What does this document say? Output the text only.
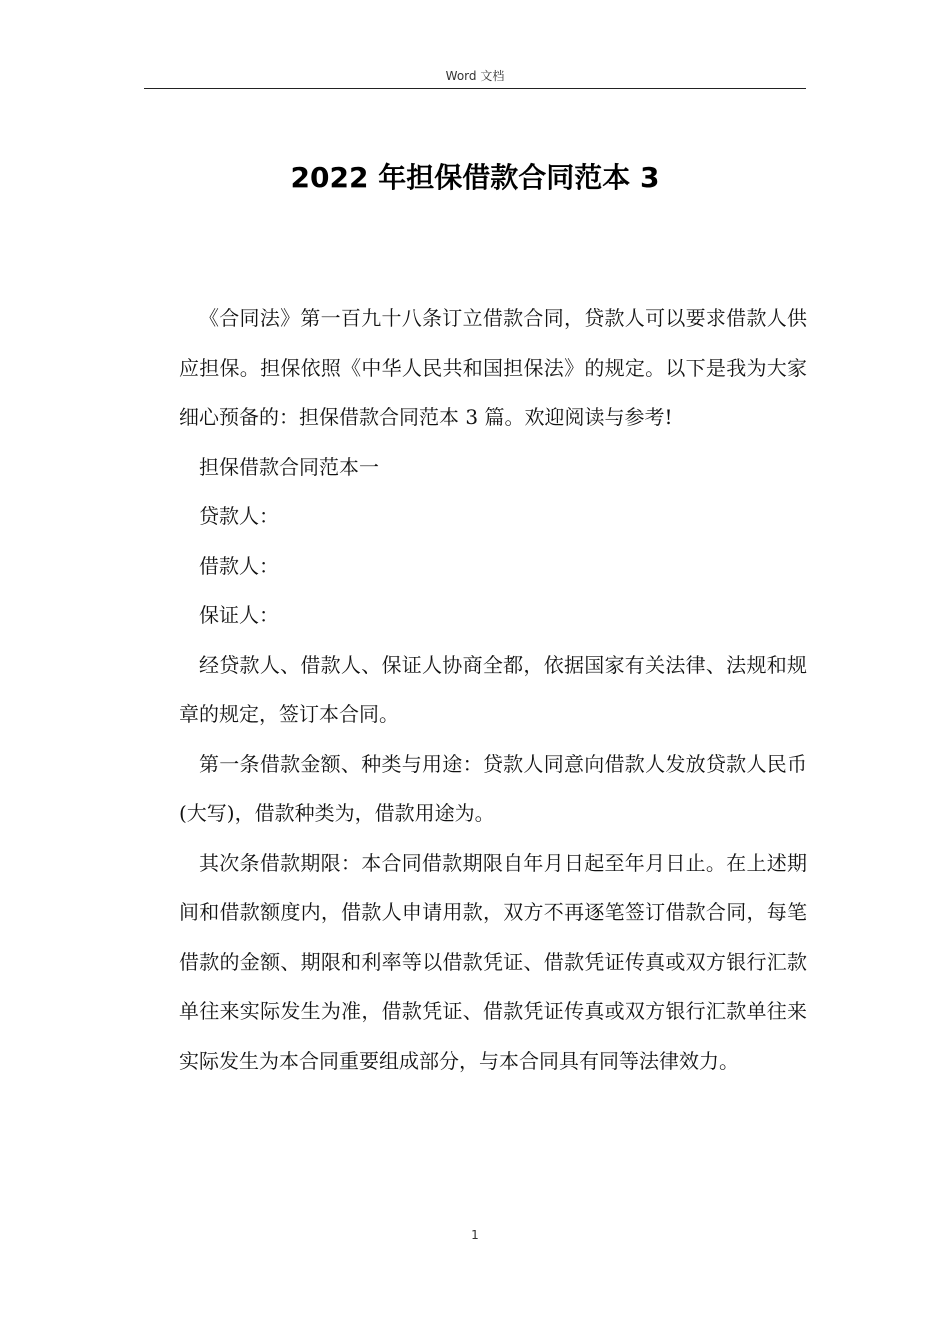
Word 文档
2022 年担保借款合同范本 3

《合同法》第一百九十八条订立借款合同，贷款人可以要求借款人供应担保。担保依照《中华人民共和国担保法》的规定。以下是我为大家细心预备的：担保借款合同范本 3 篇。欢迎阅读与参考!

担保借款合同范本一

贷款人：

借款人：

保证人：

经贷款人、借款人、保证人协商全都，依据国家有关法律、法规和规章的规定，签订本合同。

第一条借款金额、种类与用途：贷款人同意向借款人发放贷款人民币(大写)，借款种类为，借款用途为。

其次条借款期限：本合同借款期限自年月日起至年月日止。在上述期间和借款额度内，借款人申请用款，双方不再逐笔签订借款合同，每笔借款的金额、期限和利率等以借款凭证、借款凭证传真或双方银行汇款单往来实际发生为准，借款凭证、借款凭证传真或双方银行汇款单往来实际发生为本合同重要组成部分，与本合同具有同等法律效力。

1
